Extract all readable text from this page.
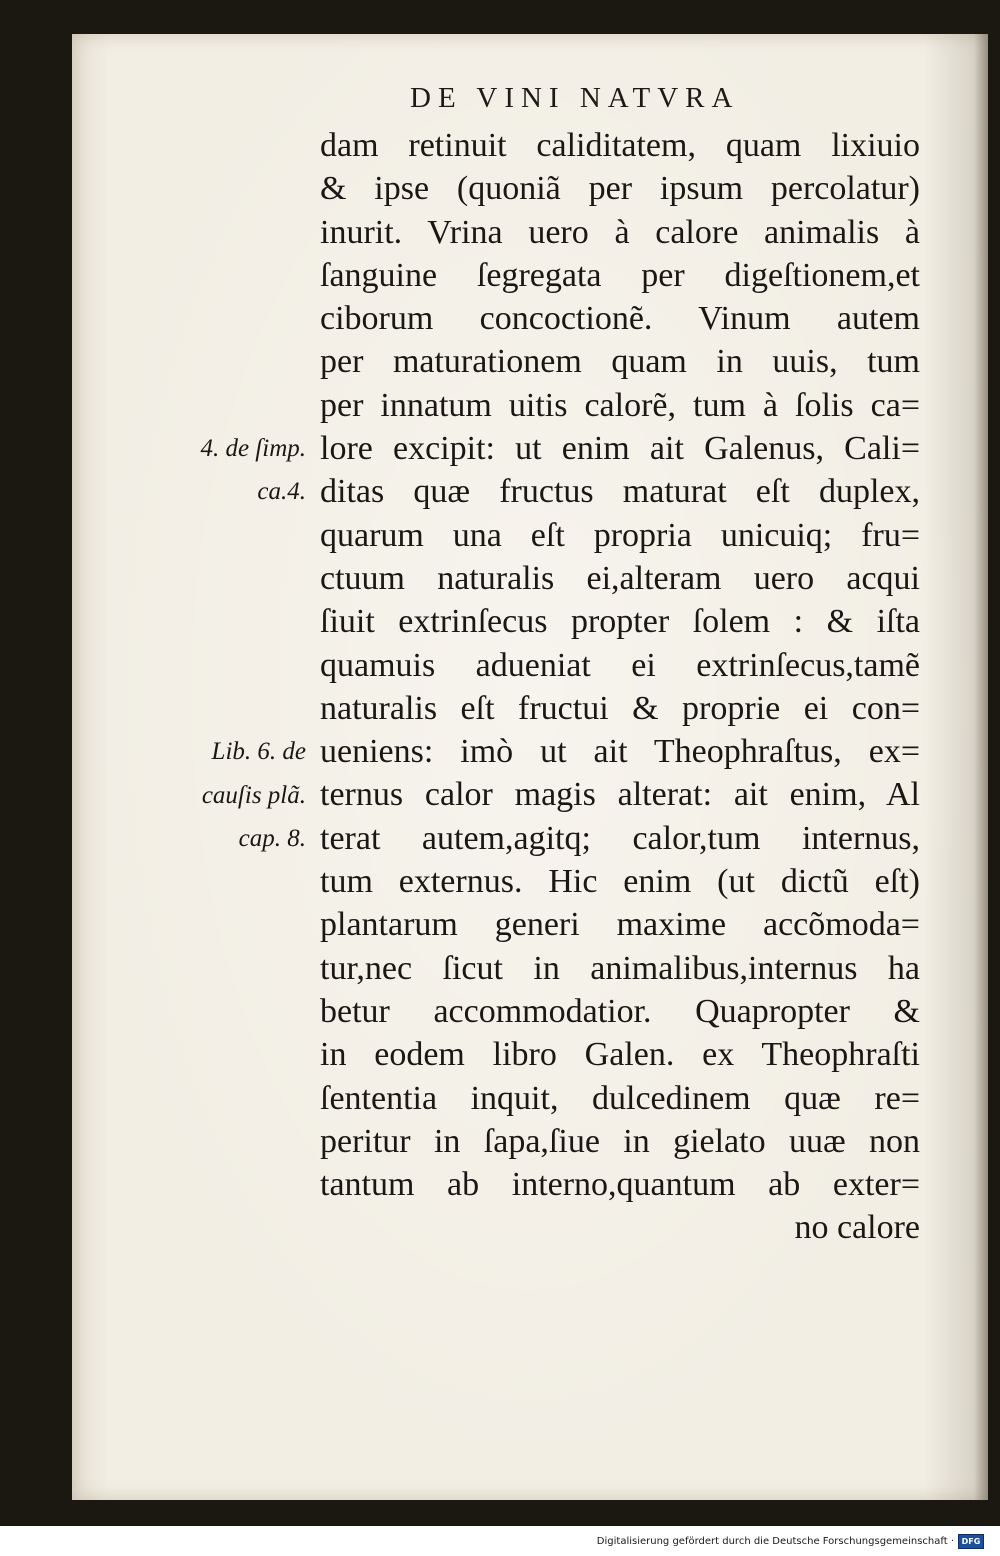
DE VINI NATVRA
dam retinuit caliditatem, quam lixiuio
& ipse (quoniã per ipsum percolatur)
inurit. Vrina uero à calore animalis à
ſanguine ſegregata per digeſtionem,et
ciborum concoctionẽ. Vinum autem
per maturationem quam in uuis, tum
per innatum uitis calorẽ, tum à ſolis ca=
lore excipit: ut enim ait Galenus, Cali=
ditas quæ fructus maturat eſt duplex,
quarum una eſt propria unicuiq; fru=
ctuum naturalis ei,alteram uero acqui
ſiuit extrinſecus propter ſolem : & iſta
quamuis adueniat ei extrinſecus,tamẽ
naturalis eſt fructui & proprie ei con=
ueniens: imò ut ait Theophraſtus, ex=
ternus calor magis alterat: ait enim, Al
terat autem,agitq; calor,tum internus,
tum externus. Hic enim (ut dictũ eſt)
plantarum generi maxime accõmoda=
tur,nec ſicut in animalibus,internus ha
betur accommodatior. Quapropter &
in eodem libro Galen. ex Theophraſti
ſententia inquit, dulcedinem quæ re=
peritur in ſapa,ſiue in gielato uuæ non
tantum ab interno,quantum ab exter=
no calore
4. de ſimp.
ca.4.
Lib. 6. de
cauſis plã.
cap. 8.
Digitalisierung gefördert durch die Deutsche Forschungsgemeinschaft · DFG
